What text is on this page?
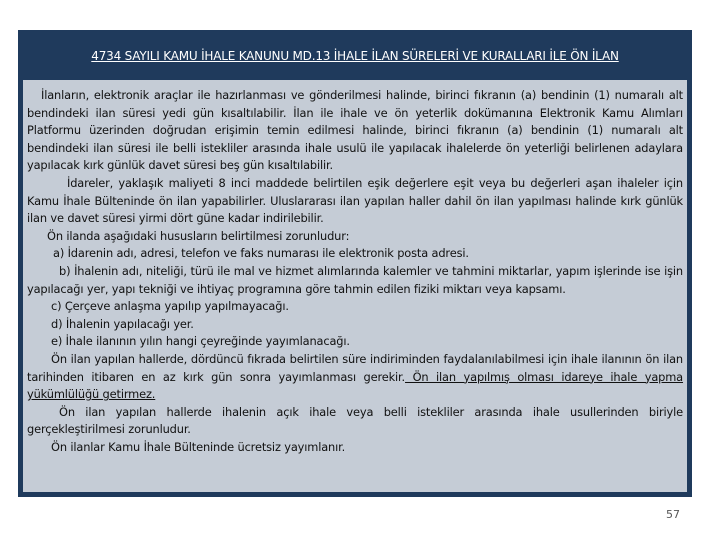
4734 SAYILI KAMU İHALE KANUNU MD.13 İHALE İLAN SÜRELERİ VE KURALLARI İLE ÖN İLAN

İlanların, elektronik araçlar ile hazırlanması ve gönderilmesi halinde, birinci fıkranın (a) bendinin (1) numaralı alt bendindeki ilan süresi yedi gün kısaltılabilir. İlan ile ihale ve ön yeterlik dokümanına Elektronik Kamu Alımları Platformu üzerinden doğrudan erişimin temin edilmesi halinde, birinci fıkranın (a) bendinin (1) numaralı alt bendindeki ilan süresi ile belli istekliler arasında ihale usulü ile yapılacak ihalelerde ön yeterliği belirlenen adaylara yapılacak kırk günlük davet süresi beş gün kısaltılabilir.

İdareler, yaklaşık maliyeti 8 inci maddede belirtilen eşik değerlere eşit veya bu değerleri aşan ihaleler için Kamu İhale Bülteninde ön ilan yapabilirler. Uluslararası ilan yapılan haller dahil ön ilan yapılması halinde kırk günlük ilan ve davet süresi yirmi dört güne kadar indirilebilir.

Ön ilanda aşağıdaki hususların belirtilmesi zorunludur:

a) İdarenin adı, adresi, telefon ve faks numarası ile elektronik posta adresi.

b) İhalenin adı, niteliği, türü ile mal ve hizmet alımlarında kalemler ve tahmini miktarlar, yapım işlerinde ise işin yapılacağı yer, yapı tekniği ve ihtiyaç programına göre tahmin edilen fiziki miktarı veya kapsamı.

c) Çerçeve anlaşma yapılıp yapılmayacağı.

d) İhalenin yapılacağı yer.

e) İhale ilanının yılın hangi çeyreğinde yayımlanacağı.

Ön ilan yapılan hallerde, dördüncü fıkrada belirtilen süre indiriminden faydalanılabilmesi için ihale ilanının ön ilan tarihinden itibaren en az kırk gün sonra yayımlanması gerekir. Ön ilan yapılmış olması idareye ihale yapma yükümlülüğü getirmez.

Ön ilan yapılan hallerde ihalenin açık ihale veya belli istekliler arasında ihale usullerinden biriyle gerçekleştirilmesi zorunludur.

Ön ilanlar Kamu İhale Bülteninde ücretsiz yayımlanır.

57
